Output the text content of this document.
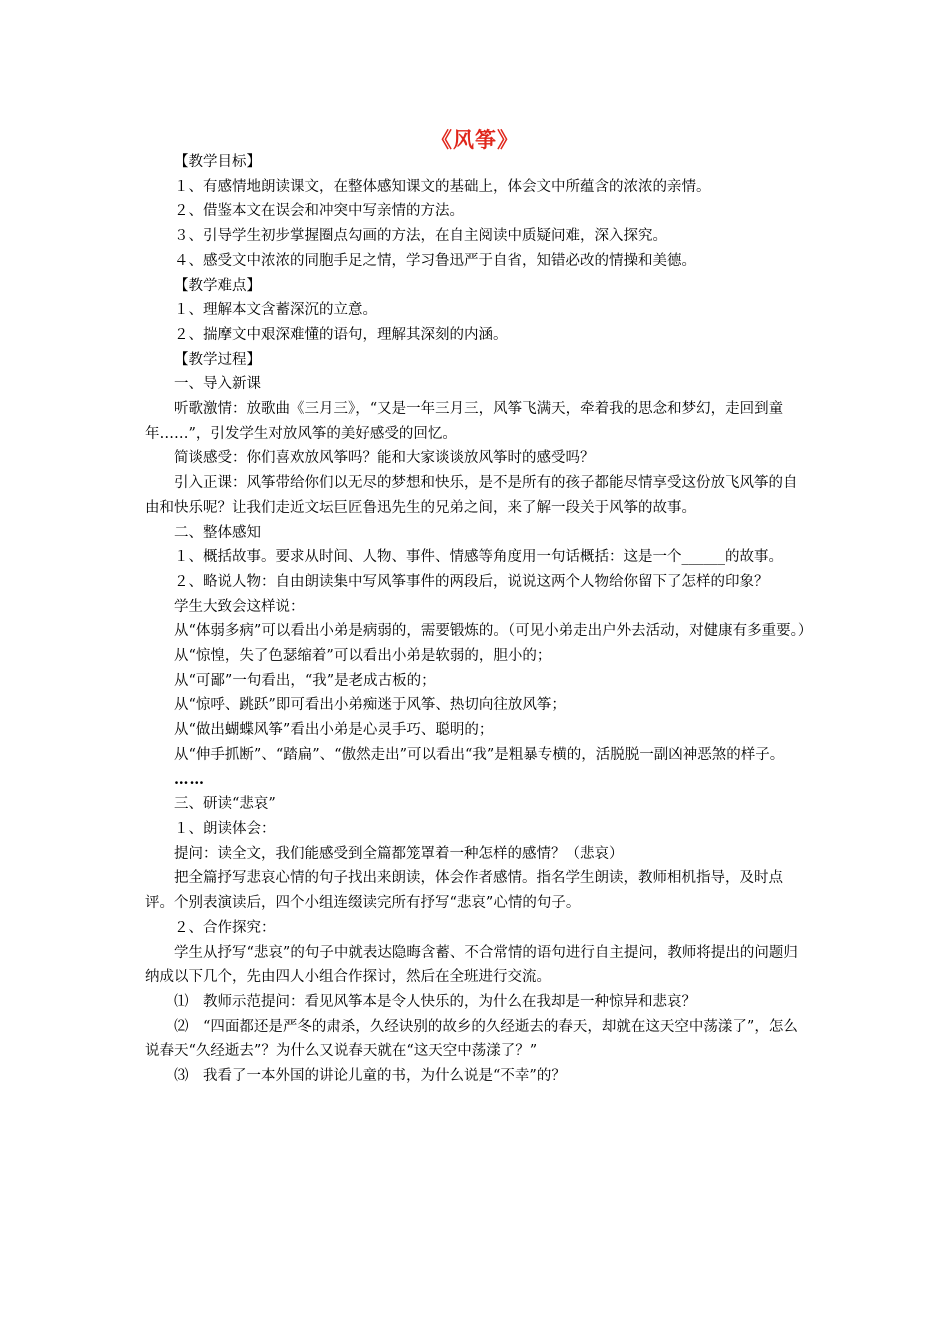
《风筝》

【教学目标】

１、有感情地朗读课文，在整体感知课文的基础上，体会文中所蕴含的浓浓的亲情。

２、借鉴本文在误会和冲突中写亲情的方法。

３、引导学生初步掌握圈点勾画的方法，在自主阅读中质疑问难，深入探究。

４、感受文中浓浓的同胞手足之情，学习鲁迅严于自省，知错必改的情操和美德。

【教学难点】

１、理解本文含蓄深沉的立意。

２、揣摩文中艰深难懂的语句，理解其深刻的内涵。

【教学过程】

一、导入新课

听歌激情：放歌曲《三月三》，“又是一年三月三，风筝飞满天，牵着我的思念和梦幻，走回到童年……”，引发学生对放风筝的美好感受的回忆。

简谈感受：你们喜欢放风筝吗？能和大家谈谈放风筝时的感受吗？

引入正课：风筝带给你们以无尽的梦想和快乐，是不是所有的孩子都能尽情享受这份放飞风筝的自由和快乐呢？让我们走近文坛巨匠鲁迅先生的兄弟之间，来了解一段关于风筝的故事。

二、整体感知

１、概括故事。要求从时间、人物、事件、情感等角度用一句话概括：这是一个______的故事。

２、略说人物：自由朗读集中写风筝事件的两段后，说说这两个人物给你留下了怎样的印象？

学生大致会这样说：

从“体弱多病”可以看出小弟是病弱的，需要锻炼的。（可见小弟走出户外去活动，对健康有多重要。）

从“惊惶，失了色瑟缩着”可以看出小弟是软弱的，胆小的；

从“可鄙”一句看出，“我”是老成古板的；

从“惊呼、跳跃”即可看出小弟痴迷于风筝、热切向往放风筝；

从“做出蝴蝶风筝”看出小弟是心灵手巧、聪明的；

从“伸手抓断”、“踏扁”、“傲然走出”可以看出“我”是粗暴专横的，活脱脱一副凶神恶煞的样子。

……

三、研读“悲哀”

１、朗读体会：

提问：读全文，我们能感受到全篇都笼罩着一种怎样的感情？（悲哀）

把全篇抒写悲哀心情的句子找出来朗读，体会作者感情。指名学生朗读，教师相机指导，及时点评。个别表演读后，四个小组连缀读完所有抒写“悲哀”心情的句子。

２、合作探究：

学生从抒写“悲哀”的句子中就表达隐晦含蓄、不合常情的语句进行自主提问，教师将提出的问题归纳成以下几个，先由四人小组合作探讨，然后在全班进行交流。

⑴　教师示范提问：看见风筝本是令人快乐的，为什么在我却是一种惊异和悲哀？

⑵　“四面都还是严冬的肃杀，久经诀别的故乡的久经逝去的春天，却就在这天空中荡漾了”，怎么说春天“久经逝去”？为什么又说春天就在“这天空中荡漾了？”

⑶　我看了一本外国的讲论儿童的书，为什么说是“不幸”的？
